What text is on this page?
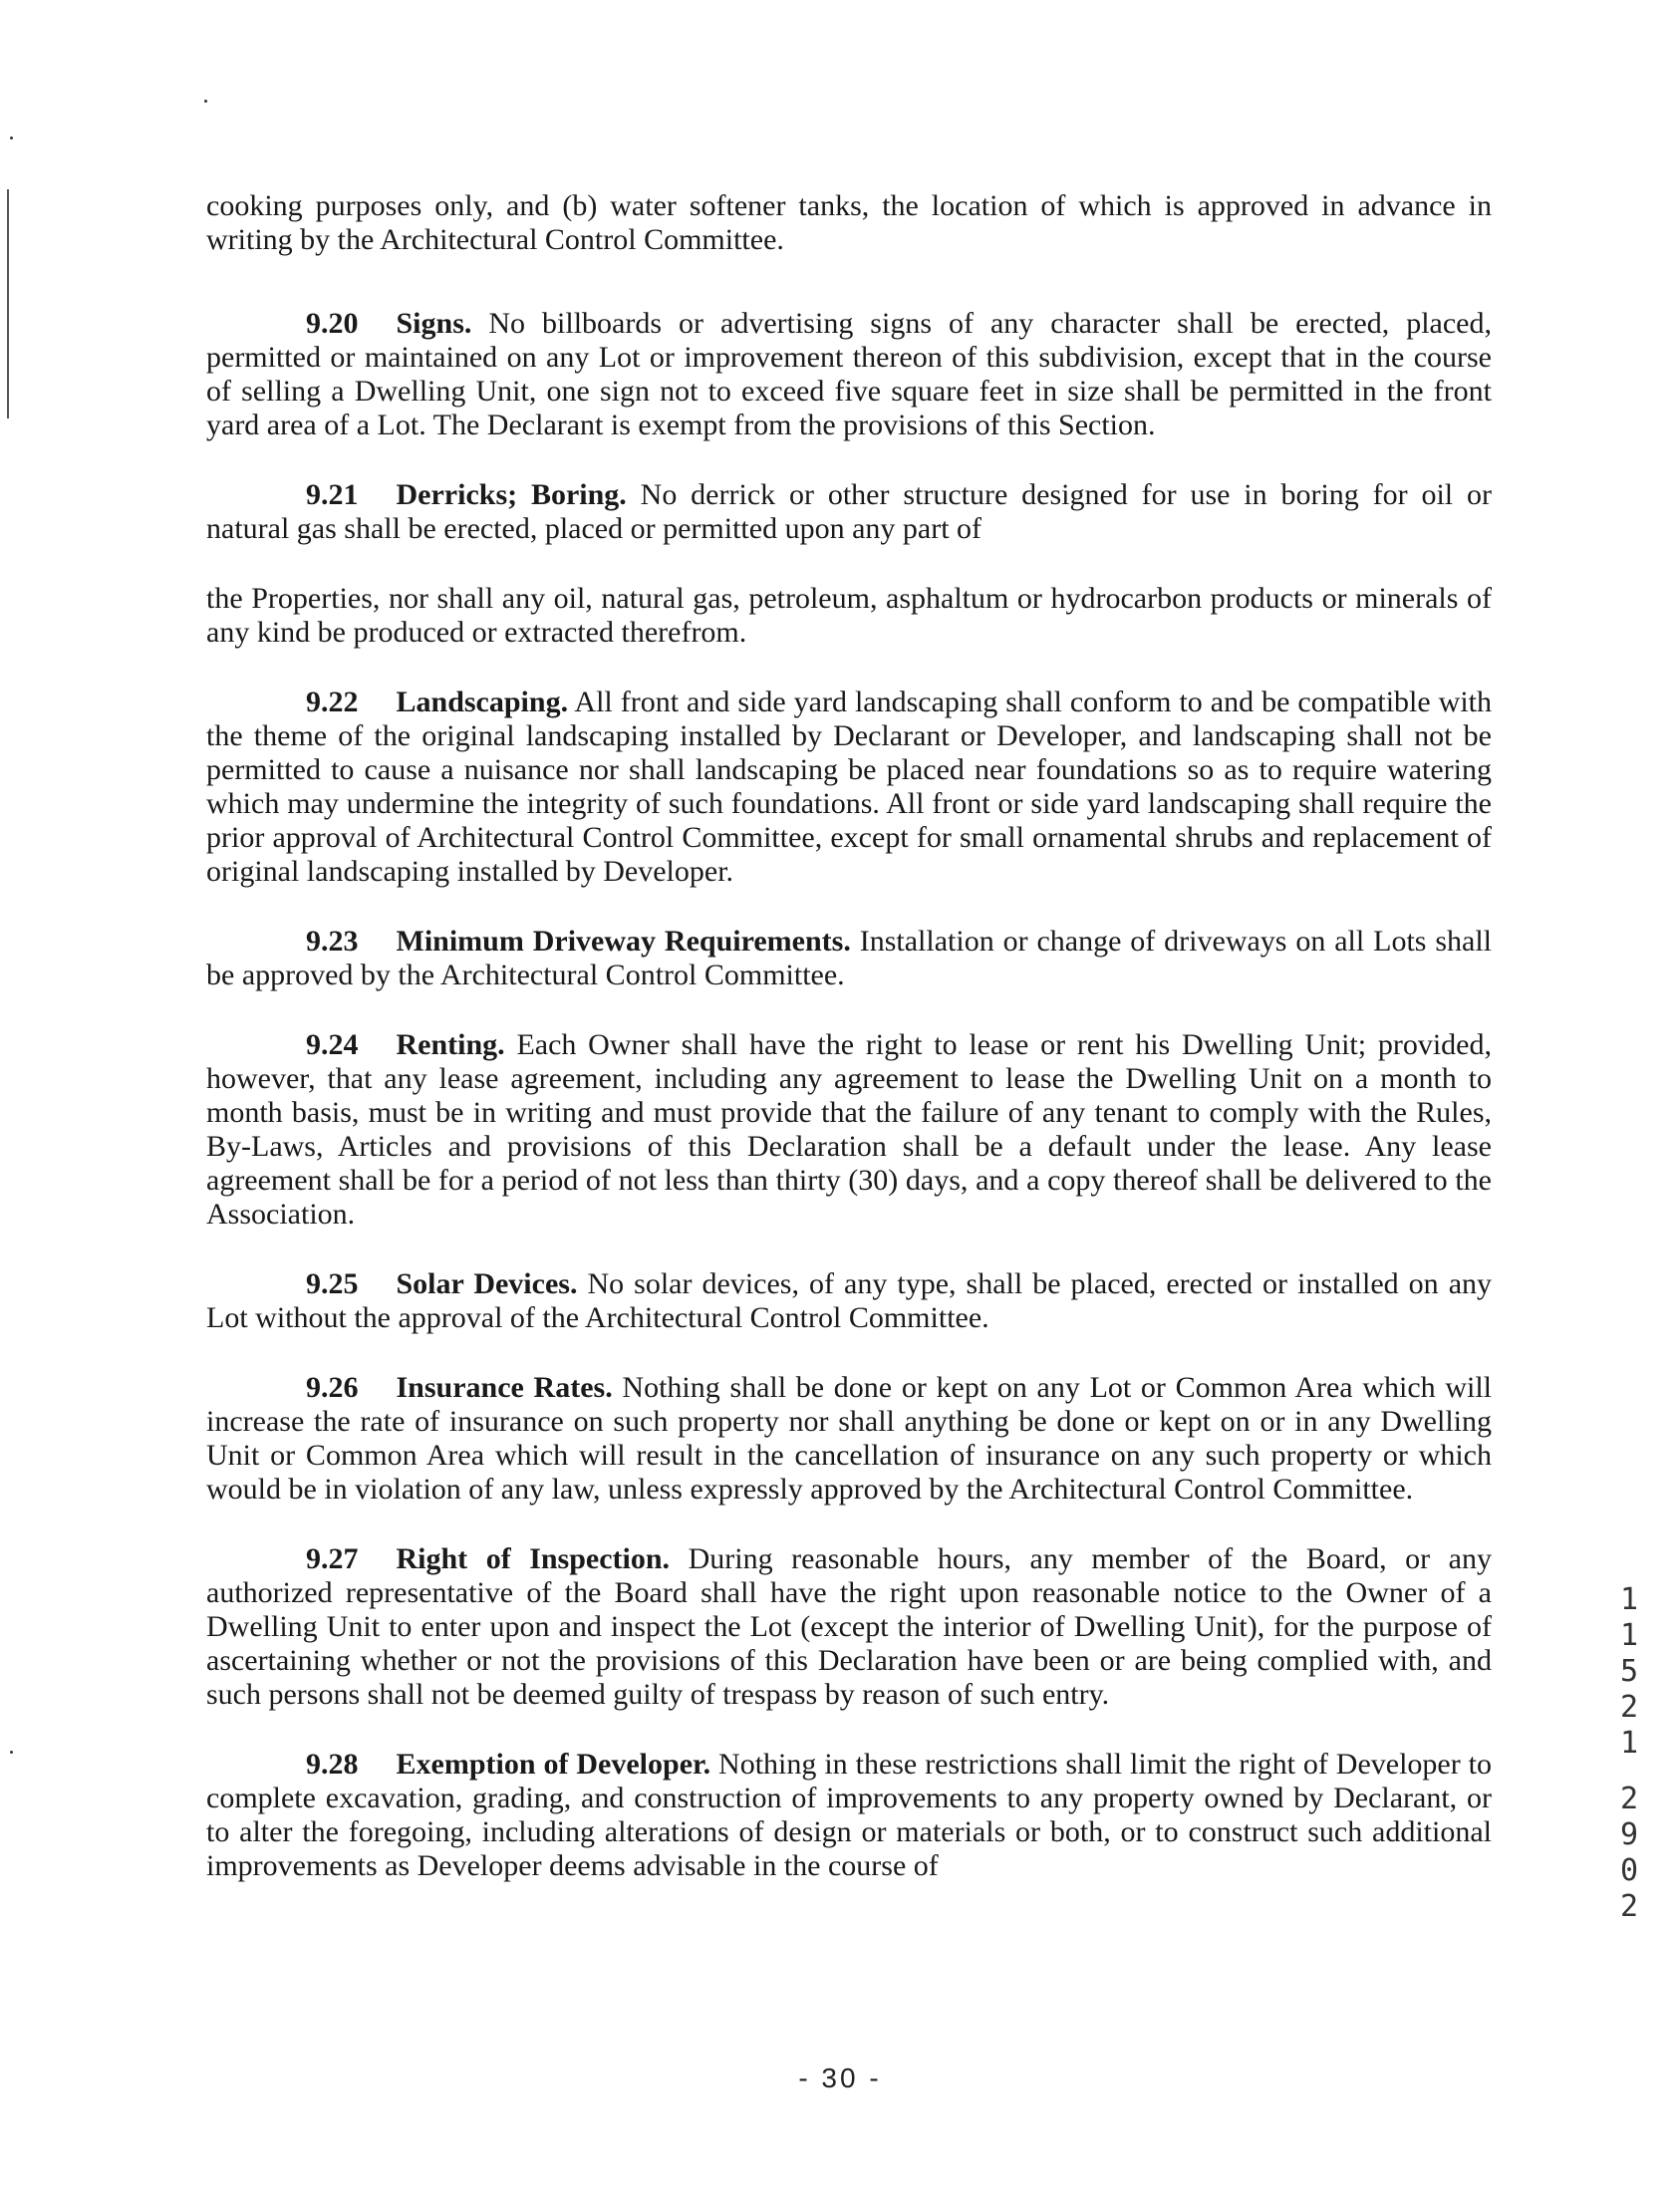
cooking purposes only, and (b) water softener tanks, the location of which is approved in advance in writing by the Architectural Control Committee.

9.20 Signs. No billboards or advertising signs of any character shall be erected, placed, permitted or maintained on any Lot or improvement thereon of this subdivision, except that in the course of selling a Dwelling Unit, one sign not to exceed five square feet in size shall be permitted in the front yard area of a Lot. The Declarant is exempt from the provisions of this Section.

9.21 Derricks; Boring. No derrick or other structure designed for use in boring for oil or natural gas shall be erected, placed or permitted upon any part of

the Properties, nor shall any oil, natural gas, petroleum, asphaltum or hydrocarbon products or minerals of any kind be produced or extracted therefrom.

9.22 Landscaping. All front and side yard landscaping shall conform to and be compatible with the theme of the original landscaping installed by Declarant or Developer, and landscaping shall not be permitted to cause a nuisance nor shall landscaping be placed near foundations so as to require watering which may undermine the integrity of such foundations. All front or side yard landscaping shall require the prior approval of Architectural Control Committee, except for small ornamental shrubs and replacement of original landscaping installed by Developer.

9.23 Minimum Driveway Requirements. Installation or change of driveways on all Lots shall be approved by the Architectural Control Committee.

9.24 Renting. Each Owner shall have the right to lease or rent his Dwelling Unit; provided, however, that any lease agreement, including any agreement to lease the Dwelling Unit on a month to month basis, must be in writing and must provide that the failure of any tenant to comply with the Rules, By-Laws, Articles and provisions of this Declaration shall be a default under the lease. Any lease agreement shall be for a period of not less than thirty (30) days, and a copy thereof shall be delivered to the Association.

9.25 Solar Devices. No solar devices, of any type, shall be placed, erected or installed on any Lot without the approval of the Architectural Control Committee.

9.26 Insurance Rates. Nothing shall be done or kept on any Lot or Common Area which will increase the rate of insurance on such property nor shall anything be done or kept on or in any Dwelling Unit or Common Area which will result in the cancellation of insurance on any such property or which would be in violation of any law, unless expressly approved by the Architectural Control Committee.

9.27 Right of Inspection. During reasonable hours, any member of the Board, or any authorized representative of the Board shall have the right upon reasonable notice to the Owner of a Dwelling Unit to enter upon and inspect the Lot (except the interior of Dwelling Unit), for the purpose of ascertaining whether or not the provisions of this Declaration have been or are being complied with, and such persons shall not be deemed guilty of trespass by reason of such entry.

9.28 Exemption of Developer. Nothing in these restrictions shall limit the right of Developer to complete excavation, grading, and construction of improvements to any property owned by Declarant, or to alter the foregoing, including alterations of design or materials or both, or to construct such additional improvements as Developer deems advisable in the course of

1
1
5
2
1
2
9
0
2
- 30 -
